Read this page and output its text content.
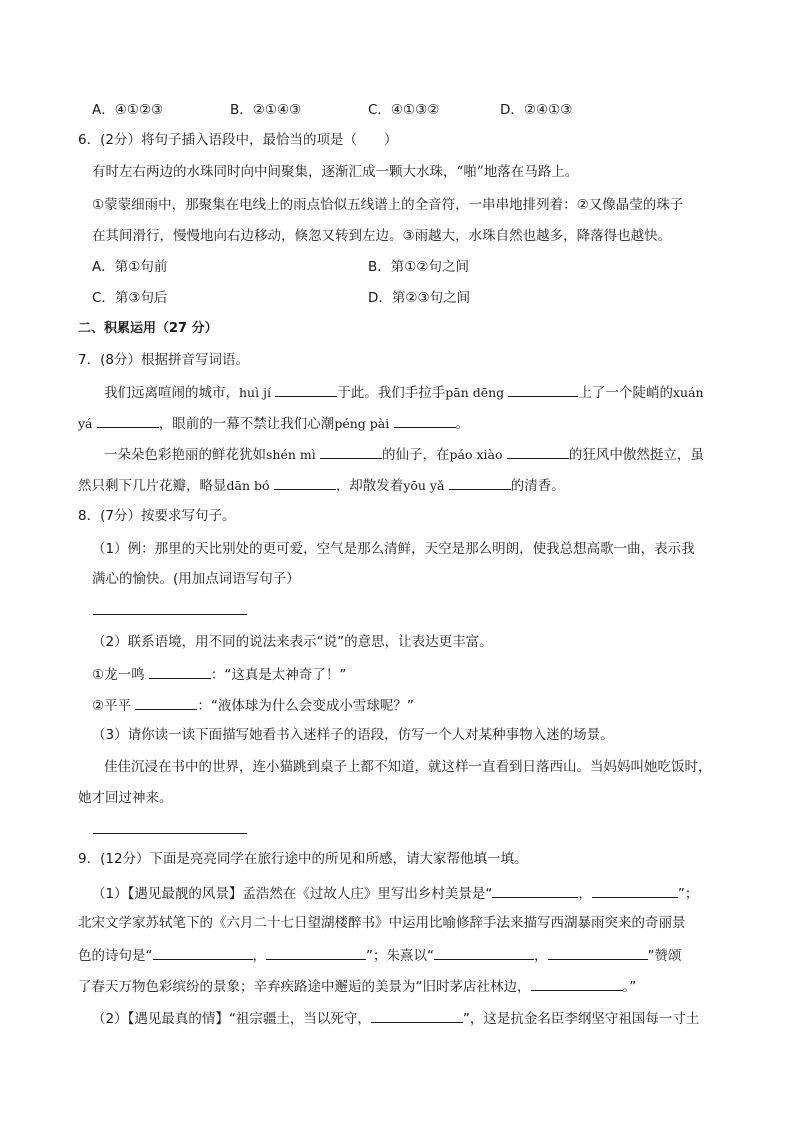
A．④①②③	B．②①④③	C．④①③②	D．②④①③
6．(2分）将句子插入语段中，最恰当的项是（　　）
有时左右两边的水珠同时向中间聚集，逐渐汇成一颗大水珠，“啪”地落在马路上。
①蒙蒙细雨中，那聚集在电线上的雨点恰似五线谱上的全音符，一串串地排列着：②又像晶莹的珠子
在其间滑行，慢慢地向右边移动，倏忽又转到左边。③雨越大，水珠自然也越多，降落得也越快。
A．第①句前	B．第①②句之间
C．第③句后	D．第②③句之间
二、积累运用（27 分）
7．(8分）根据拼音写词语。
我们远离喧闹的城市，huì jí	于此。我们手拉手pān dēng	上了一个陡峭的xuán
yá	，眼前的一幕不禁让我们心潮péng pài	。
一朵朵色彩艳丽的鲜花犹如shén mì	的仙子，在páo xiào	的狂风中傲然挺立，虽
然只剩下几片花瓣，略显dān bó	，却散发着yōu yǎ	的清香。
8．(7分）按要求写句子。
（1）例：那里的天比别处的更可爱，空气是那么清鲜，天空是那么明朗，使我总想高歌一曲，表示我
满心的愉快。(用加点词语写句子）
（2）联系语境，用不同的说法来表示“说”的意思，让表达更丰富。
①龙一鸣	：“这真是太神奇了！”
②平平	：“液体球为什么会变成小雪球呢？”
（3）请你读一读下面描写她看书入迷样子的语段，仿写一个人对某种事物入迷的场景。
佳佳沉浸在书中的世界，连小猫跳到桌子上都不知道，就这样一直看到日落西山。当妈妈叫她吃饭时，
她才回过神来。
9．(12分）下面是亮亮同学在旅行途中的所见和所感，请大家帮他填一填。
（1）【遇见最靓的风景】孟浩然在《过故人庄》里写出乡村美景是“	，	”；
北宋文学家苏轼笔下的《六月二十七日望湖楼醉书》中运用比喻修辞手法来描写西湖暴雨突来的奇丽景
色的诗句是“	，	”；朱熹以“	，	”赞颂
了春天万物色彩缤纷的景象；辛弃疾路途中邂逅的美景为“旧时茅店社林边，	。”
（2）【遇见最真的情】“祖宗疆土，当以死守，	”，这是抗金名臣李纲坚守祖国每一寸土
